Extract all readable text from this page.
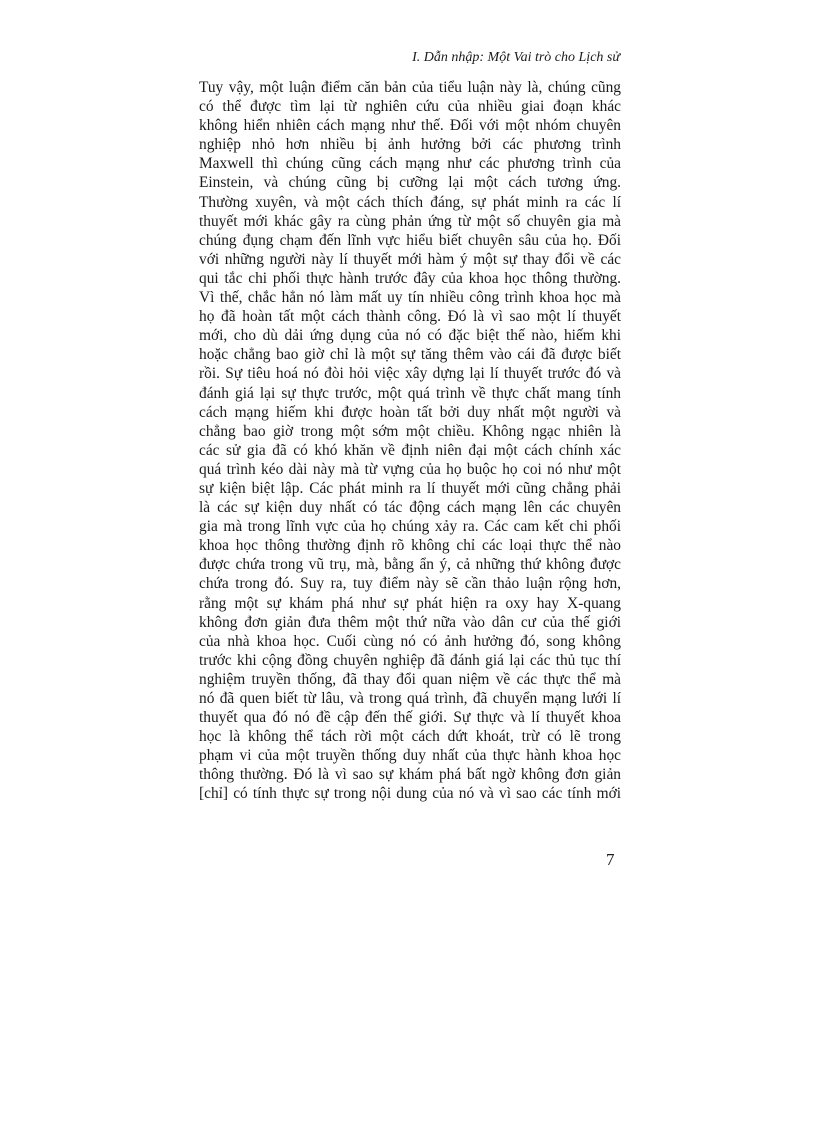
I. Dẫn nhập: Một Vai trò cho Lịch sử
Tuy vậy, một luận điểm căn bản của tiểu luận này là, chúng cũng
có thể được tìm lại từ nghiên cứu của nhiều giai đoạn khác
không hiển nhiên cách mạng như thế. Đối với một nhóm chuyên
nghiệp nhỏ hơn nhiều bị ảnh hưởng bởi các phương trình
Maxwell thì chúng cũng cách mạng như các phương trình của
Einstein, và chúng cũng bị cưỡng lại một cách tương ứng.
Thường xuyên, và một cách thích đáng, sự phát minh ra các lí
thuyết mới khác gây ra cùng phản ứng từ một số chuyên gia mà
chúng đụng chạm đến lĩnh vực hiểu biết chuyên sâu của họ. Đối
với những người này lí thuyết mới hàm ý một sự thay đổi về các
qui tắc chi phối thực hành trước đây của khoa học thông thường.
Vì thế, chắc hẳn nó làm mất uy tín nhiều công trình khoa học mà
họ đã hoàn tất một cách thành công. Đó là vì sao một lí thuyết
mới, cho dù dải ứng dụng của nó có đặc biệt thế nào, hiếm khi
hoặc chẳng bao giờ chỉ là một sự tăng thêm vào cái đã được biết
rồi. Sự tiêu hoá nó đòi hỏi việc xây dựng lại lí thuyết trước đó và
đánh giá lại sự thực trước, một quá trình về thực chất mang tính
cách mạng hiếm khi được hoàn tất bởi duy nhất một người và
chẳng bao giờ trong một sớm một chiều. Không ngạc nhiên là
các sử gia đã có khó khăn về định niên đại một cách chính xác
quá trình kéo dài này mà từ vựng của họ buộc họ coi nó như một
sự kiện biệt lập. Các phát minh ra lí thuyết mới cũng chẳng phải
là các sự kiện duy nhất có tác động cách mạng lên các chuyên
gia mà trong lĩnh vực của họ chúng xảy ra. Các cam kết chi phối
khoa học thông thường định rõ không chỉ các loại thực thể nào
được chứa trong vũ trụ, mà, bằng ẩn ý, cả những thứ không được
chứa trong đó. Suy ra, tuy điểm này sẽ cần thảo luận rộng hơn,
rằng một sự khám phá như sự phát hiện ra oxy hay X-quang
không đơn giản đưa thêm một thứ nữa vào dân cư của thế giới
của nhà khoa học. Cuối cùng nó có ảnh hưởng đó, song không
trước khi cộng đồng chuyên nghiệp đã đánh giá lại các thủ tục thí
nghiệm truyền thống, đã thay đổi quan niệm về các thực thể mà
nó đã quen biết từ lâu, và trong quá trình, đã chuyển mạng lưới lí
thuyết qua đó nó đề cập đến thế giới. Sự thực và lí thuyết khoa
học là không thể tách rời một cách dứt khoát, trừ có lẽ trong
phạm vi của một truyền thống duy nhất của thực hành khoa học
thông thường. Đó là vì sao sự khám phá bất ngờ không đơn giản
[chỉ] có tính thực sự trong nội dung của nó và vì sao các tính mới
7
